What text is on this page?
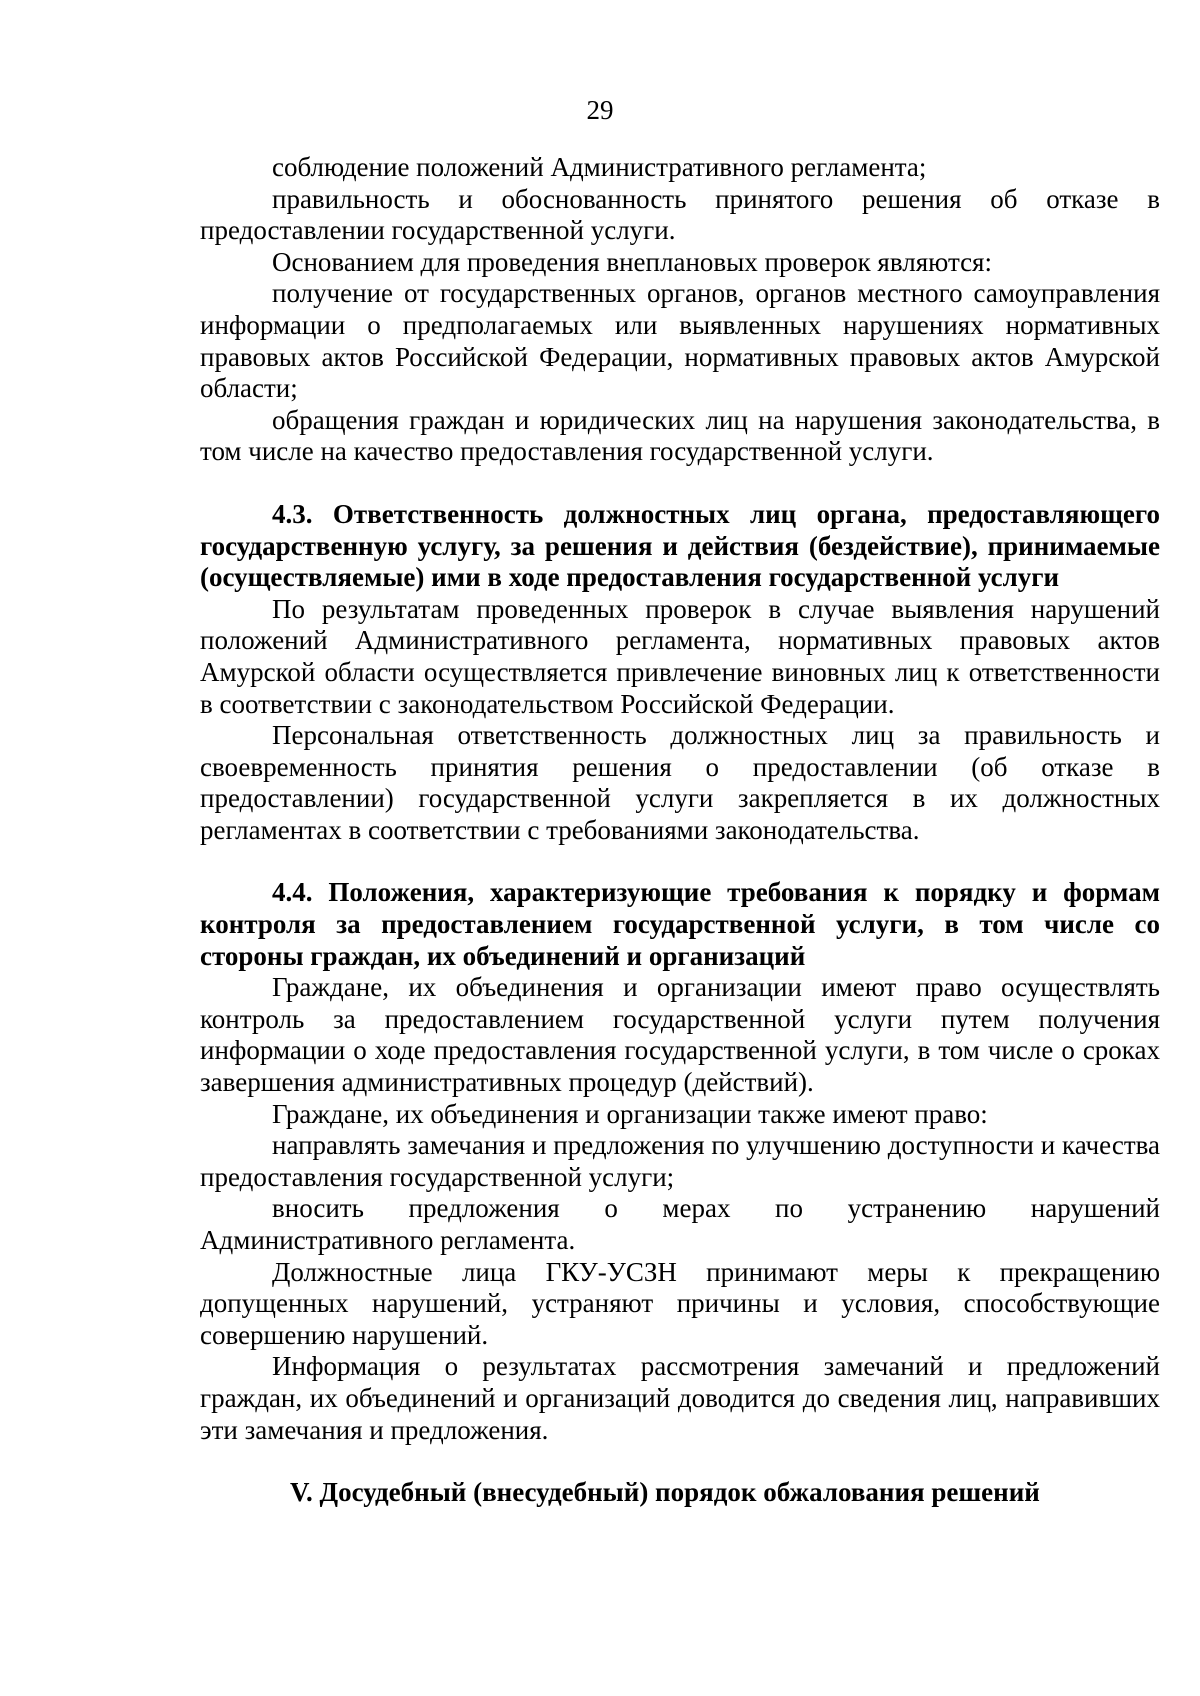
29

соблюдение положений Административного регламента;

правильность и обоснованность принятого решения об отказе в предоставлении государственной услуги.

Основанием для проведения внеплановых проверок являются:

получение от государственных органов, органов местного самоуправления информации о предполагаемых или выявленных нарушениях нормативных правовых актов Российской Федерации, нормативных правовых актов Амурской области;

обращения граждан и юридических лиц на нарушения законодательства, в том числе на качество предоставления государственной услуги.

4.3. Ответственность должностных лиц органа, предоставляющего государственную услугу, за решения и действия (бездействие), принимаемые (осуществляемые) ими в ходе предоставления государственной услуги

По результатам проведенных проверок в случае выявления нарушений положений Административного регламента, нормативных правовых актов Амурской области осуществляется привлечение виновных лиц к ответственности в соответствии с законодательством Российской Федерации.

Персональная ответственность должностных лиц за правильность и своевременность принятия решения о предоставлении (об отказе в предоставлении) государственной услуги закрепляется в их должностных регламентах в соответствии с требованиями законодательства.

4.4. Положения, характеризующие требования к порядку и формам контроля за предоставлением государственной услуги, в том числе со стороны граждан, их объединений и организаций

Граждане, их объединения и организации имеют право осуществлять контроль за предоставлением государственной услуги путем получения информации о ходе предоставления государственной услуги, в том числе о сроках завершения административных процедур (действий).

Граждане, их объединения и организации также имеют право:

направлять замечания и предложения по улучшению доступности и качества предоставления государственной услуги;

вносить предложения о мерах по устранению нарушений Административного регламента.

Должностные лица ГКУ-УСЗН принимают меры к прекращению допущенных нарушений, устраняют причины и условия, способствующие совершению нарушений.

Информация о результатах рассмотрения замечаний и предложений граждан, их объединений и организаций доводится до сведения лиц, направивших эти замечания и предложения.

V. Досудебный (внесудебный) порядок обжалования решений
